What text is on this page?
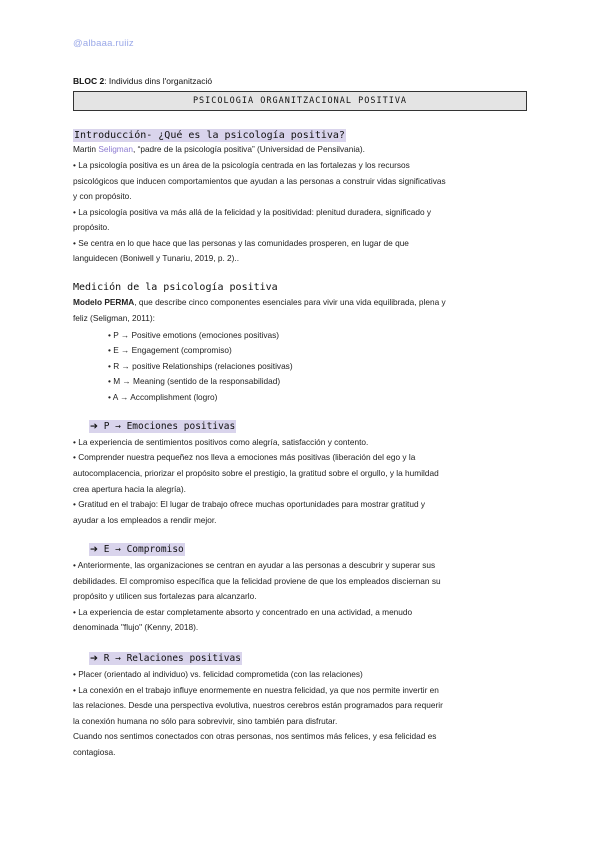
@albaaa.ruiiz
BLOC 2: Individus dins l'organització
PSICOLOGIA ORGANITZACIONAL POSITIVA
Introducción- ¿Qué es la psicología positiva?
Martin Seligman, “padre de la psicología positiva” (Universidad de Pensilvania).
• La psicología positiva es un área de la psicología centrada en las fortalezas y los recursos
psicológicos que inducen comportamientos que ayudan a las personas a construir vidas significativas
y con propósito.
• La psicología positiva va más allá de la felicidad y la positividad: plenitud duradera, significado y
propósito.
• Se centra en lo que hace que las personas y las comunidades prosperen, en lugar de que
languidecen (Boniwell y Tunariu, 2019, p. 2)..
Medición de la psicología positiva
Modelo PERMA, que describe cinco componentes esenciales para vivir una vida equilibrada, plena y
feliz (Seligman, 2011):
• P → Positive emotions (emociones positivas)
• E → Engagement (compromiso)
• R → positive Relationships (relaciones positivas)
• M → Meaning (sentido de la responsabilidad)
• A → Accomplishment (logro)
➔ P → Emociones positivas
• La experiencia de sentimientos positivos como alegría, satisfacción y contento.
• Comprender nuestra pequeñez nos lleva a emociones más positivas (liberación del ego y la
autocomplacencia, priorizar el propósito sobre el prestigio, la gratitud sobre el orgullo, y la humildad
crea apertura hacia la alegría).
• Gratitud en el trabajo: El lugar de trabajo ofrece muchas oportunidades para mostrar gratitud y
ayudar a los empleados a rendir mejor.
➔ E → Compromiso
• Anteriormente, las organizaciones se centran en ayudar a las personas a descubrir y superar sus
debilidades. El compromiso específica que la felicidad proviene de que los empleados disciernan su
propósito y utilicen sus fortalezas para alcanzarlo.
• La experiencia de estar completamente absorto y concentrado en una actividad, a menudo
denominada "flujo" (Kenny, 2018).
➔ R → Relaciones positivas
• Placer (orientado al individuo) vs. felicidad comprometida (con las relaciones)
• La conexión en el trabajo influye enormemente en nuestra felicidad, ya que nos permite invertir en
las relaciones. Desde una perspectiva evolutiva, nuestros cerebros están programados para requerir
la conexión humana no sólo para sobrevivir, sino también para disfrutar.
Cuando nos sentimos conectados con otras personas, nos sentimos más felices, y esa felicidad es
contagiosa.
